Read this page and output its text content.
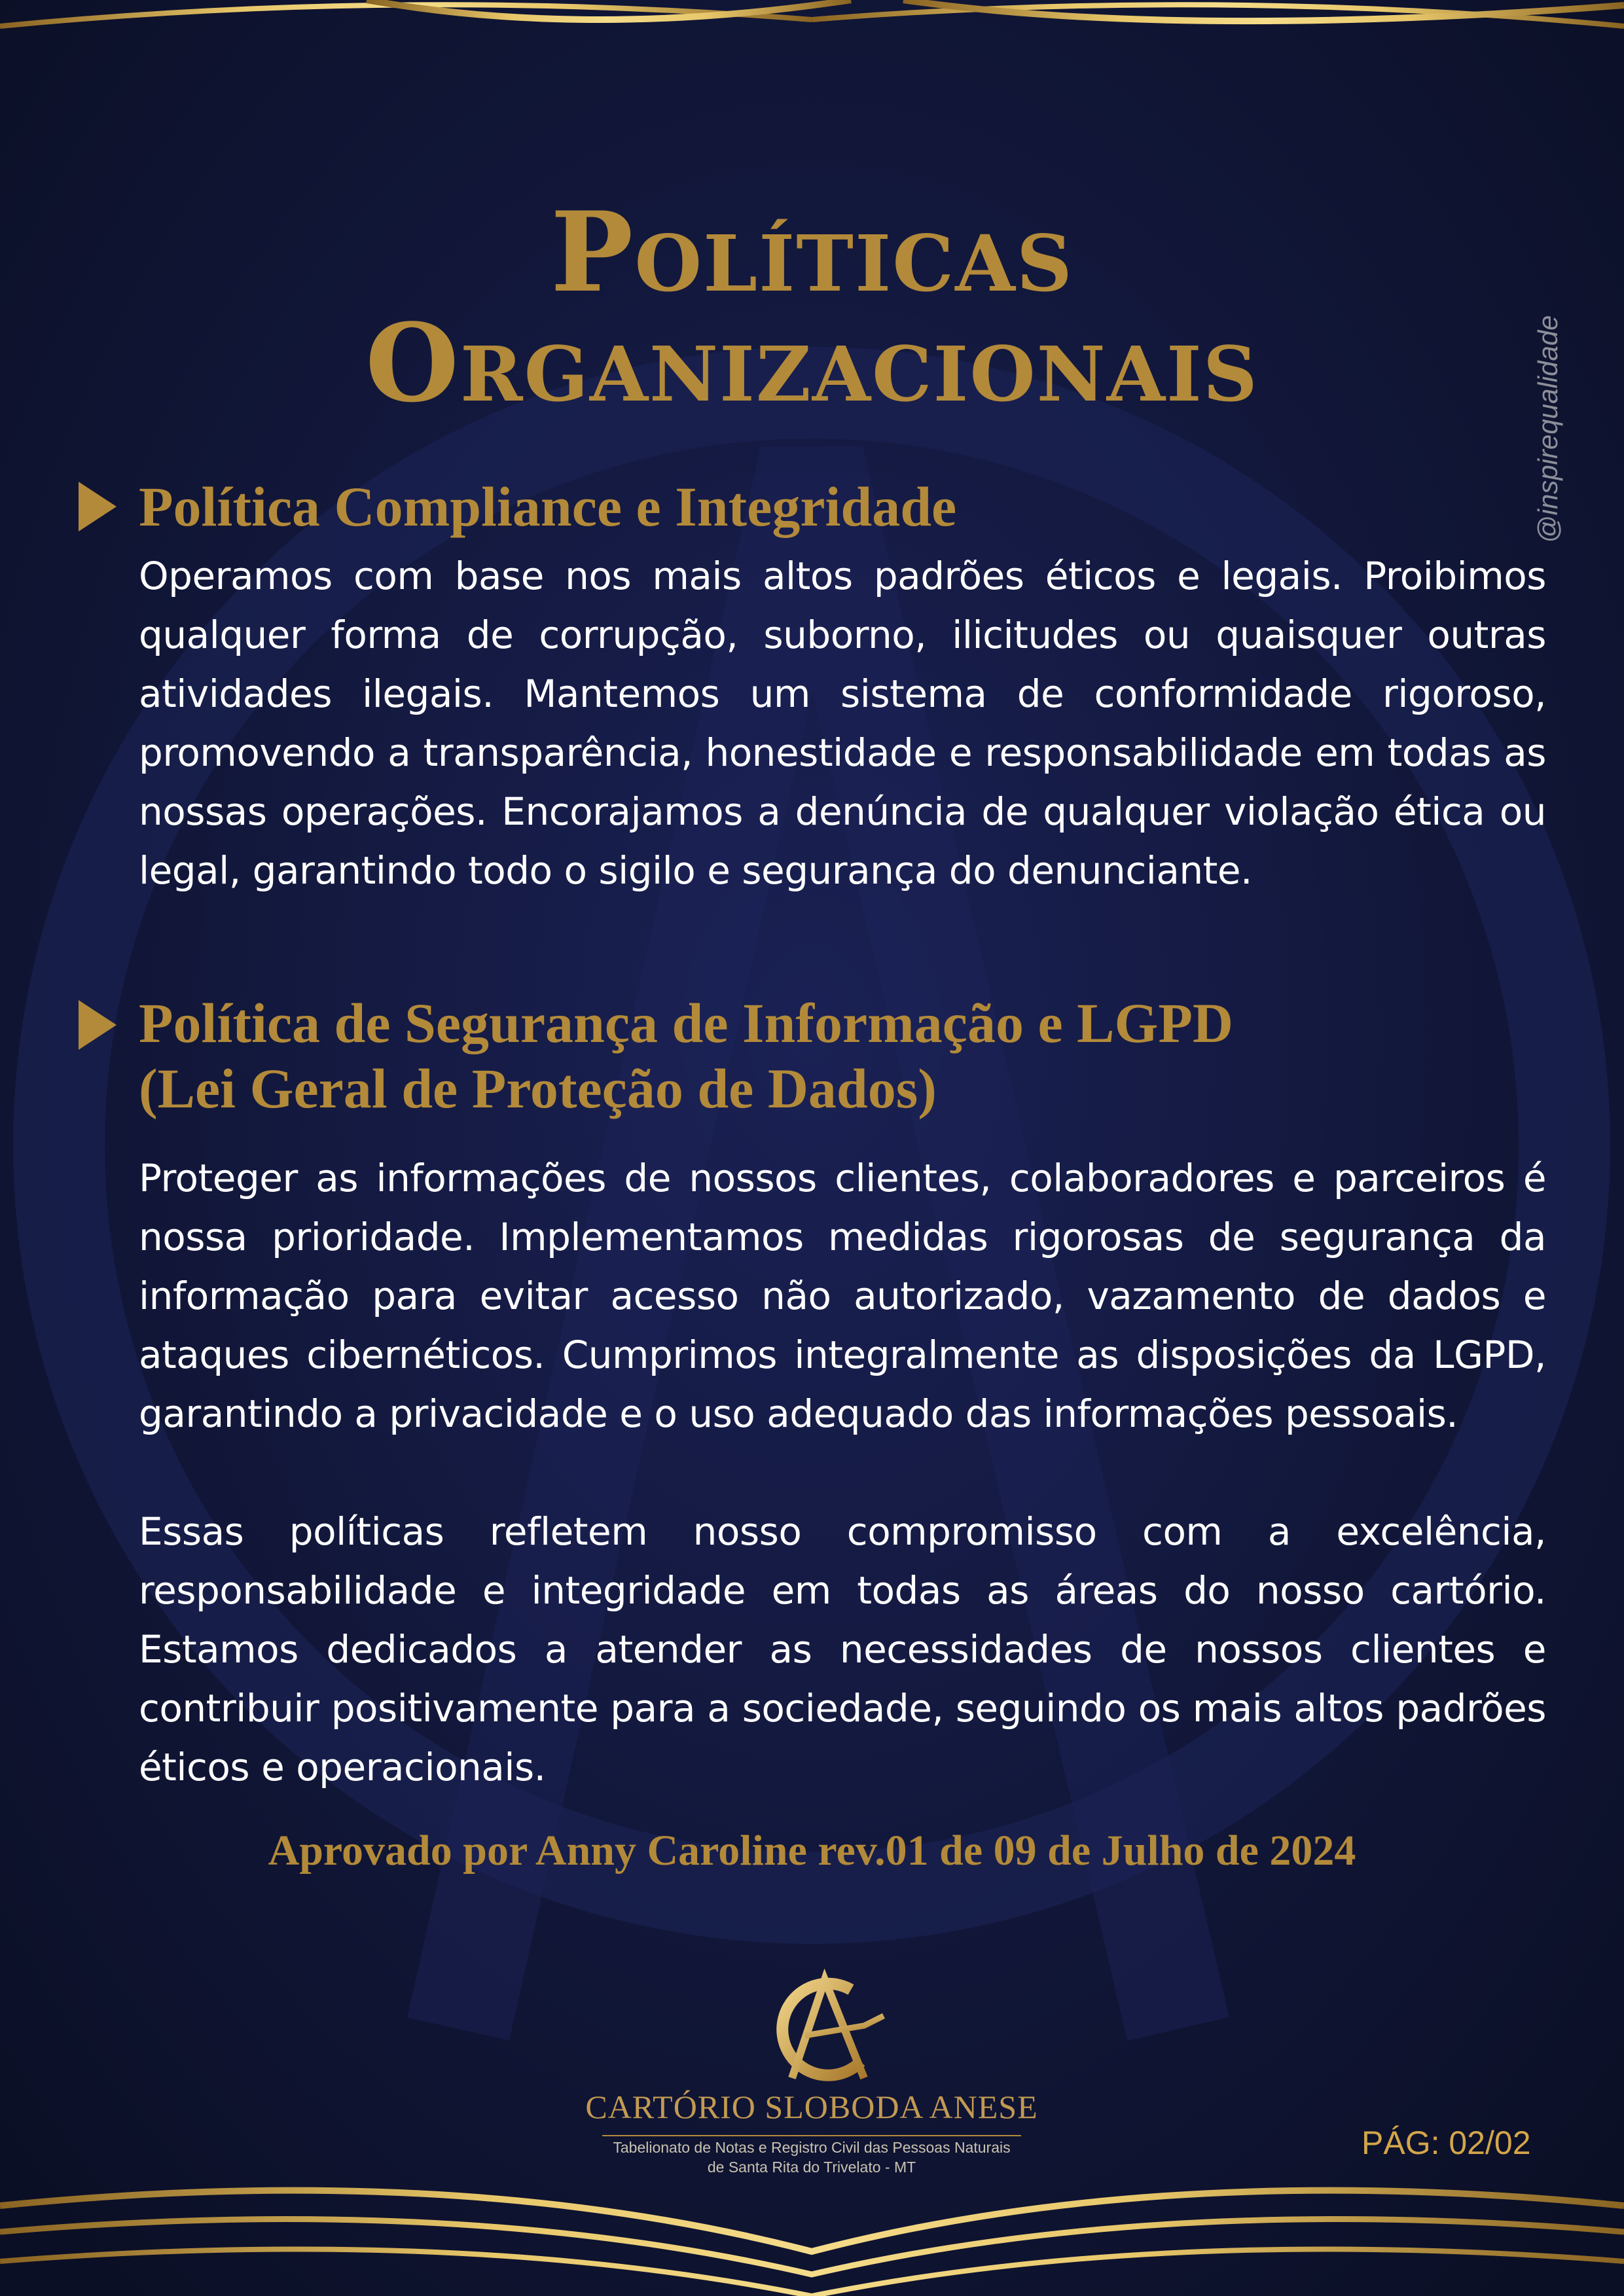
Políticas
Organizacionais	@inspirequalidade
Política Compliance e Integridade

Operamos com base nos mais altos padrões éticos e legais. Proibimos qualquer forma de corrupção, suborno, ilicitudes ou quaisquer outras atividades ilegais. Mantemos um sistema de conformidade rigoroso, promovendo a transparência, honestidade e responsabilidade em todas as nossas operações. Encorajamos a denúncia de qualquer violação ética ou legal, garantindo todo o sigilo e segurança do denunciante.

Política de Segurança de Informação e LGPD
(Lei Geral de Proteção de Dados)

Proteger as informações de nossos clientes, colaboradores e parceiros é nossa prioridade. Implementamos medidas rigorosas de segurança da informação para evitar acesso não autorizado, vazamento de dados e ataques cibernéticos. Cumprimos integralmente as disposições da LGPD, garantindo a privacidade e o uso adequado das informações pessoais.

Essas políticas refletem nosso compromisso com a excelência, responsabilidade e integridade em todas as áreas do nosso cartório. Estamos dedicados a atender as necessidades de nossos clientes e contribuir positivamente para a sociedade, seguindo os mais altos padrões éticos e operacionais.

Aprovado por Anny Caroline rev.01 de 09 de Julho de 2024
CARTÓRIO SLOBODA ANESE
Tabelionato de Notas e Registro Civil das Pessoas Naturais
de Santa Rita do Trivelato - MT
PÁG: 02/02
